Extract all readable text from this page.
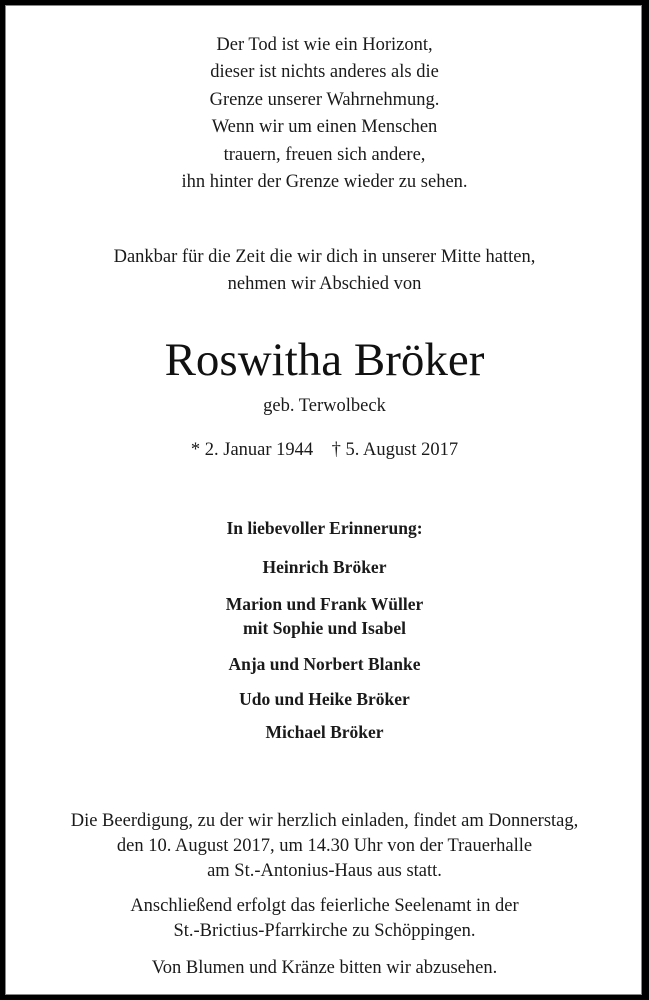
Der Tod ist wie ein Horizont,
dieser ist nichts anderes als die
Grenze unserer Wahrnehmung.
Wenn wir um einen Menschen
trauern, freuen sich andere,
ihn hinter der Grenze wieder zu sehen.
Dankbar für die Zeit die wir dich in unserer Mitte hatten,
nehmen wir Abschied von
Roswitha Bröker
geb. Terwolbeck
* 2. Januar 1944    † 5. August 2017
In liebevoller Erinnerung:
Heinrich Bröker
Marion und Frank Wüller
mit Sophie und Isabel
Anja und Norbert Blanke
Udo und Heike Bröker
Michael Bröker
Die Beerdigung, zu der wir herzlich einladen, findet am Donnerstag,
den 10. August 2017, um 14.30 Uhr von der Trauerhalle
am St.-Antonius-Haus aus statt.
Anschließend erfolgt das feierliche Seelenamt in der
St.-Brictius-Pfarrkirche zu Schöppingen.
Von Blumen und Kränze bitten wir abzusehen.
